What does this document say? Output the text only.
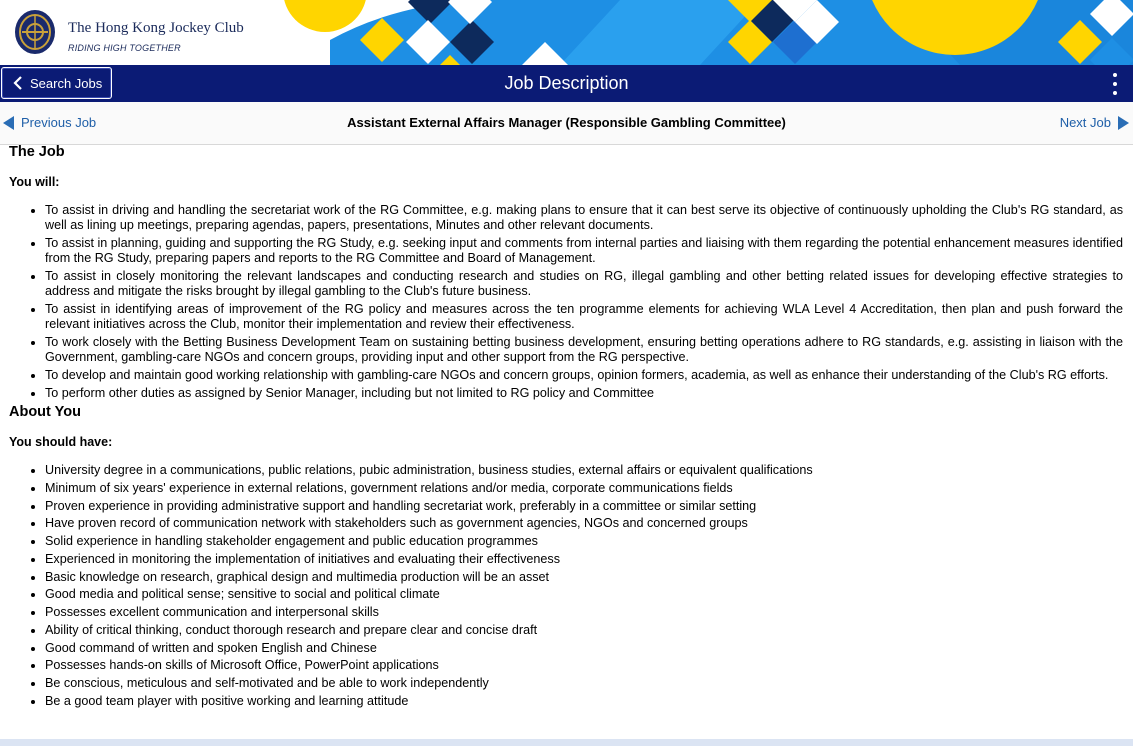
The Hong Kong Jockey Club
RIDING HIGH TOGETHER
Job Description
Search Jobs
Assistant External Affairs Manager (Responsible Gambling Committee)
Previous Job	Next Job
The Job
You will:
To assist in driving and handling the secretariat work of the RG Committee, e.g. making plans to ensure that it can best serve its objective of continuously upholding the Club's RG standard, as well as lining up meetings, preparing agendas, papers, presentations, Minutes and other relevant documents.
To assist in planning, guiding and supporting the RG Study, e.g. seeking input and comments from internal parties and liaising with them regarding the potential enhancement measures identified from the RG Study, preparing papers and reports to the RG Committee and Board of Management.
To assist in closely monitoring the relevant landscapes and conducting research and studies on RG, illegal gambling and other betting related issues for developing effective strategies to address and mitigate the risks brought by illegal gambling to the Club's future business.
To assist in identifying areas of improvement of the RG policy and measures across the ten programme elements for achieving WLA Level 4 Accreditation, then plan and push forward the relevant initiatives across the Club, monitor their implementation and review their effectiveness.
To work closely with the Betting Business Development Team on sustaining betting business development, ensuring betting operations adhere to RG standards, e.g. assisting in liaison with the Government, gambling-care NGOs and concern groups, providing input and other support from the RG perspective.
To develop and maintain good working relationship with gambling-care NGOs and concern groups, opinion formers, academia, as well as enhance their understanding of the Club's RG efforts.
To perform other duties as assigned by Senior Manager, including but not limited to RG policy and Committee
About You
You should have:
University degree in a communications, public relations, pubic administration, business studies, external affairs or equivalent qualifications
Minimum of six years' experience in external relations, government relations and/or media, corporate communications fields
Proven experience in providing administrative support and handling secretariat work, preferably in a committee or similar setting
Have proven record of communication network with stakeholders such as government agencies, NGOs and concerned groups
Solid experience in handling stakeholder engagement and public education programmes
Experienced in monitoring the implementation of initiatives and evaluating their effectiveness
Basic knowledge on research, graphical design and multimedia production will be an asset
Good media and political sense; sensitive to social and political climate
Possesses excellent communication and interpersonal skills
Ability of critical thinking, conduct thorough research and prepare clear and concise draft
Good command of written and spoken English and Chinese
Possesses hands-on skills of Microsoft Office, PowerPoint applications
Be conscious, meticulous and self-motivated and be able to work independently
Be a good team player with positive working and learning attitude
